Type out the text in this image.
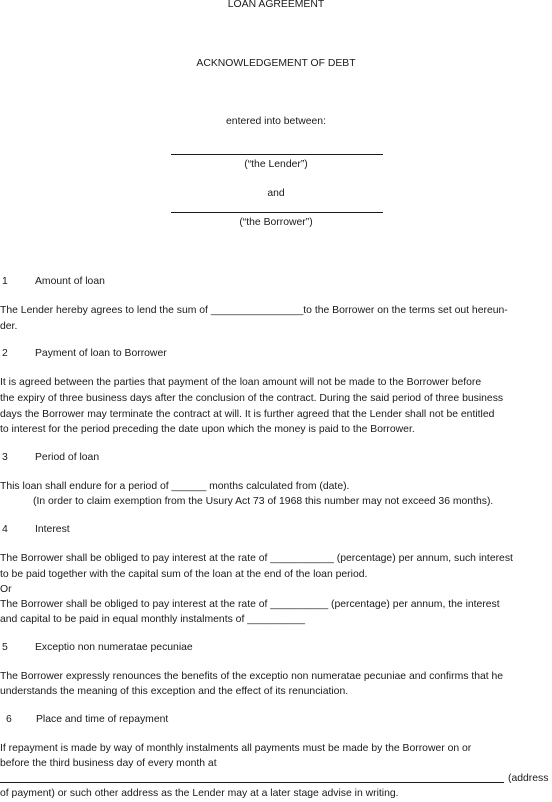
LOAN AGREEMENT
ACKNOWLEDGEMENT OF DEBT
entered into between:
(“the Lender”)
and
(“the Borrower”)
1	Amount of loan
The Lender hereby agrees to lend the sum of ________________to the Borrower on the terms set out hereun-
der.
2	Payment of loan to Borrower
It is agreed between the parties that payment of the loan amount will not be made to the Borrower before
the expiry of three business days after the conclusion of the contract. During the said period of three business
days the Borrower may terminate the contract at will. It is further agreed that the Lender shall not be entitled
to interest for the period preceding the date upon which the money is paid to the Borrower.
3	Period of loan
This loan shall endure for a period of ______ months calculated from (date).
(In order to claim exemption from the Usury Act 73 of 1968 this number may not exceed 36 months).
4	Interest
The Borrower shall be obliged to pay interest at the rate of ___________ (percentage) per annum, such interest
to be paid together with the capital sum of the loan at the end of the loan period.
Or
The Borrower shall be obliged to pay interest at the rate of __________ (percentage) per annum, the interest
and capital to be paid in equal monthly instalments of __________
5	Exceptio non numeratae pecuniae
The Borrower expressly renounces the benefits of the exceptio non numeratae pecuniae and confirms that he
understands the meaning of this exception and the effect of its renunciation.
6 Place and time of repayment
If repayment is made by way of monthly instalments all payments must be made by the Borrower on or
before the third business day of every month at
(address
of payment) or such other address as the Lender may at a later stage advise in writing.
